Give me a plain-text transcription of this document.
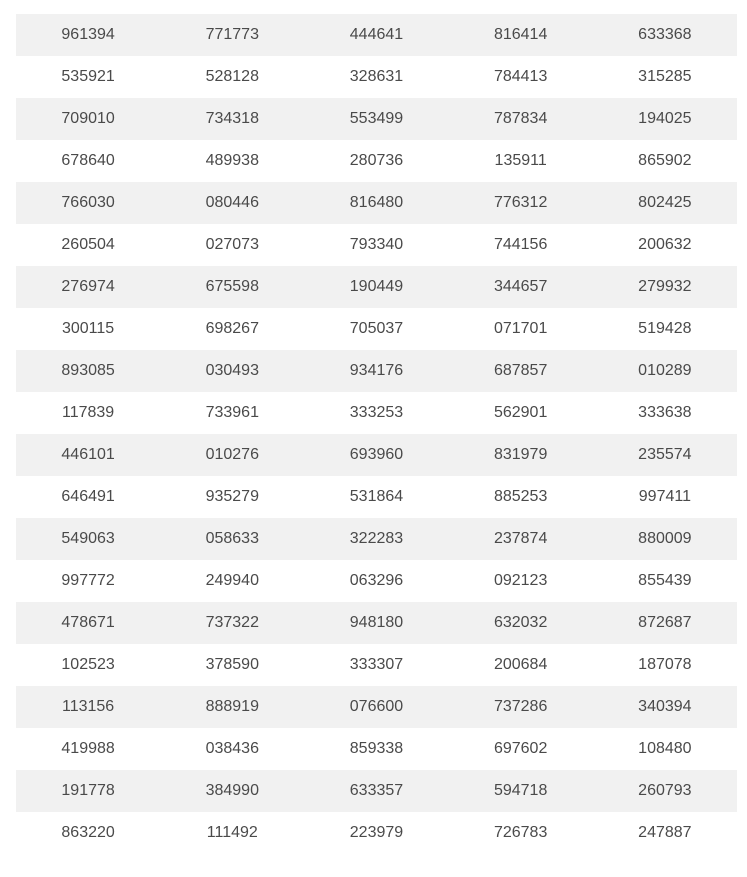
961394	771773	444641	816414	633368
535921	528128	328631	784413	315285
709010	734318	553499	787834	194025
678640	489938	280736	135911	865902
766030	080446	816480	776312	802425
260504	027073	793340	744156	200632
276974	675598	190449	344657	279932
300115	698267	705037	071701	519428
893085	030493	934176	687857	010289
117839	733961	333253	562901	333638
446101	010276	693960	831979	235574
646491	935279	531864	885253	997411
549063	058633	322283	237874	880009
997772	249940	063296	092123	855439
478671	737322	948180	632032	872687
102523	378590	333307	200684	187078
113156	888919	076600	737286	340394
419988	038436	859338	697602	108480
191778	384990	633357	594718	260793
863220	111492	223979	726783	247887
